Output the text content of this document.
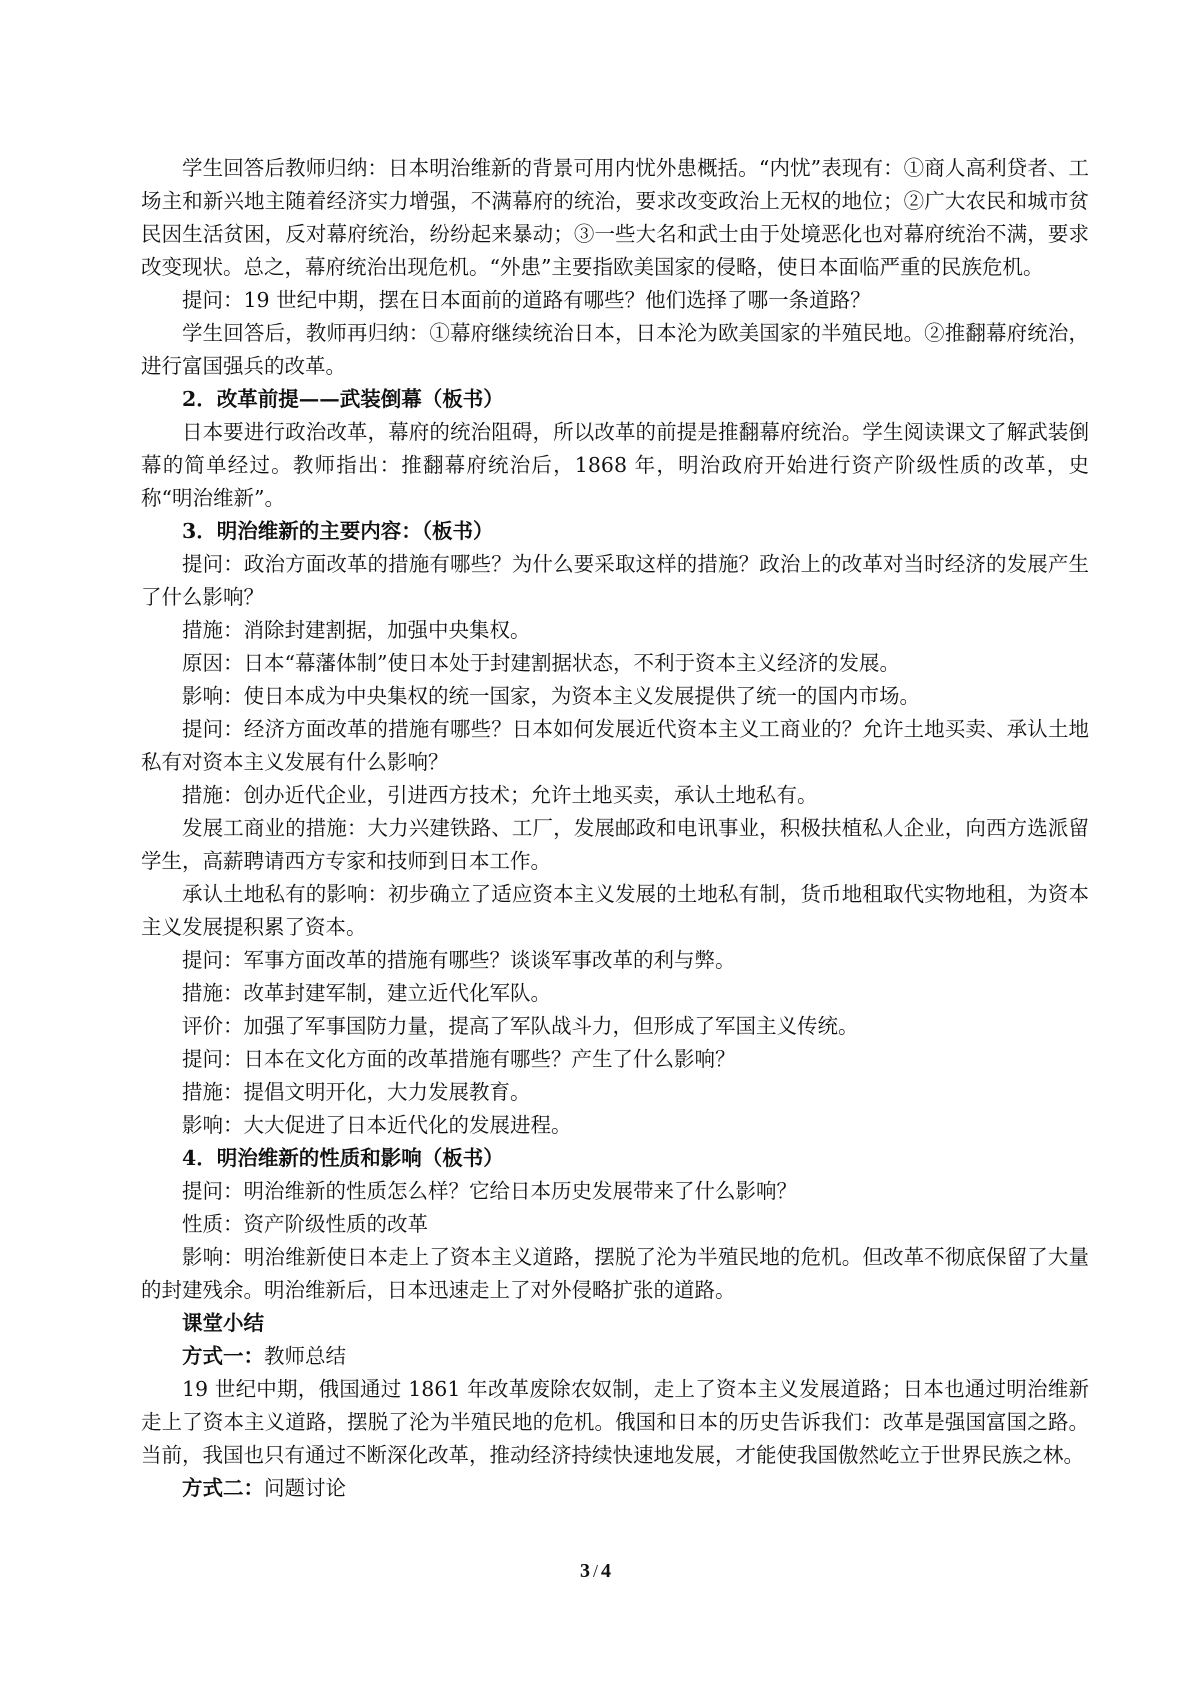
学生回答后教师归纳：日本明治维新的背景可用内忧外患概括。“内忧”表现有：①商人高利贷者、工场主和新兴地主随着经济实力增强，不满幕府的统治，要求改变政治上无权的地位；②广大农民和城市贫民因生活贫困，反对幕府统治，纷纷起来暴动；③一些大名和武士由于处境恶化也对幕府统治不满，要求改变现状。总之，幕府统治出现危机。“外患”主要指欧美国家的侵略，使日本面临严重的民族危机。

提问：19 世纪中期，摆在日本面前的道路有哪些？他们选择了哪一条道路？

学生回答后，教师再归纳：①幕府继续统治日本，日本沦为欧美国家的半殖民地。②推翻幕府统治，进行富国强兵的改革。

2．改革前提——武装倒幕（板书）

日本要进行政治改革，幕府的统治阻碍，所以改革的前提是推翻幕府统治。学生阅读课文了解武装倒幕的简单经过。教师指出：推翻幕府统治后，1868 年，明治政府开始进行资产阶级性质的改革，史称“明治维新”。

3．明治维新的主要内容：（板书）

提问：政治方面改革的措施有哪些？为什么要采取这样的措施？政治上的改革对当时经济的发展产生了什么影响？

措施：消除封建割据，加强中央集权。

原因：日本“幕藩体制”使日本处于封建割据状态，不利于资本主义经济的发展。

影响：使日本成为中央集权的统一国家，为资本主义发展提供了统一的国内市场。

提问：经济方面改革的措施有哪些？日本如何发展近代资本主义工商业的？允许土地买卖、承认土地私有对资本主义发展有什么影响？

措施：创办近代企业，引进西方技术；允许土地买卖，承认土地私有。

发展工商业的措施：大力兴建铁路、工厂，发展邮政和电讯事业，积极扶植私人企业，向西方选派留学生，高薪聘请西方专家和技师到日本工作。

承认土地私有的影响：初步确立了适应资本主义发展的土地私有制，货币地租取代实物地租，为资本主义发展提积累了资本。

提问：军事方面改革的措施有哪些？谈谈军事改革的利与弊。

措施：改革封建军制，建立近代化军队。

评价：加强了军事国防力量，提高了军队战斗力，但形成了军国主义传统。

提问：日本在文化方面的改革措施有哪些？产生了什么影响？

措施：提倡文明开化，大力发展教育。

影响：大大促进了日本近代化的发展进程。

4．明治维新的性质和影响（板书）

提问：明治维新的性质怎么样？它给日本历史发展带来了什么影响？

性质：资产阶级性质的改革

影响：明治维新使日本走上了资本主义道路，摆脱了沦为半殖民地的危机。但改革不彻底保留了大量的封建残余。明治维新后，日本迅速走上了对外侵略扩张的道路。

课堂小结

方式一：教师总结

19 世纪中期，俄国通过 1861 年改革废除农奴制，走上了资本主义发展道路；日本也通过明治维新走上了资本主义道路，摆脱了沦为半殖民地的危机。俄国和日本的历史告诉我们：改革是强国富国之路。当前，我国也只有通过不断深化改革，推动经济持续快速地发展，才能使我国傲然屹立于世界民族之林。

方式二：问题讨论

3 / 4
